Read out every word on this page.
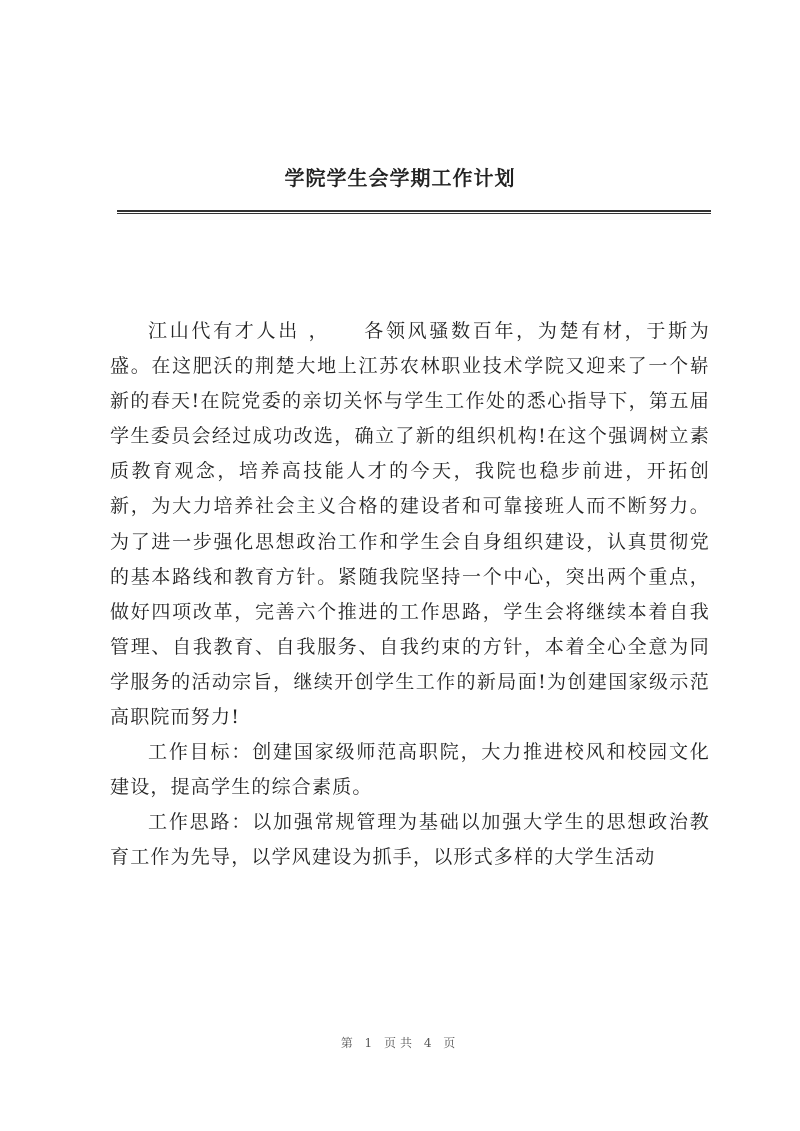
学院学生会学期工作计划

江山代有才人出 ，　　各领风骚数百年，为楚有材，于斯为盛。在这肥沃的荆楚大地上江苏农林职业技术学院又迎来了一个崭新的春天!在院党委的亲切关怀与学生工作处的悉心指导下，第五届学生委员会经过成功改选，确立了新的组织机构!在这个强调树立素质教育观念，培养高技能人才的今天，我院也稳步前进，开拓创新，为大力培养社会主义合格的建设者和可靠接班人而不断努力。为了进一步强化思想政治工作和学生会自身组织建设，认真贯彻党的基本路线和教育方针。紧随我院坚持一个中心，突出两个重点，做好四项改革，完善六个推进的工作思路，学生会将继续本着自我管理、自我教育、自我服务、自我约束的方针，本着全心全意为同学服务的活动宗旨，继续开创学生工作的新局面!为创建国家级示范高职院而努力!

工作目标：创建国家级师范高职院，大力推进校风和校园文化建设，提高学生的综合素质。

工作思路：以加强常规管理为基础以加强大学生的思想政治教育工作为先导，以学风建设为抓手，以形式多样的大学生活动

第 1 页共 4 页
